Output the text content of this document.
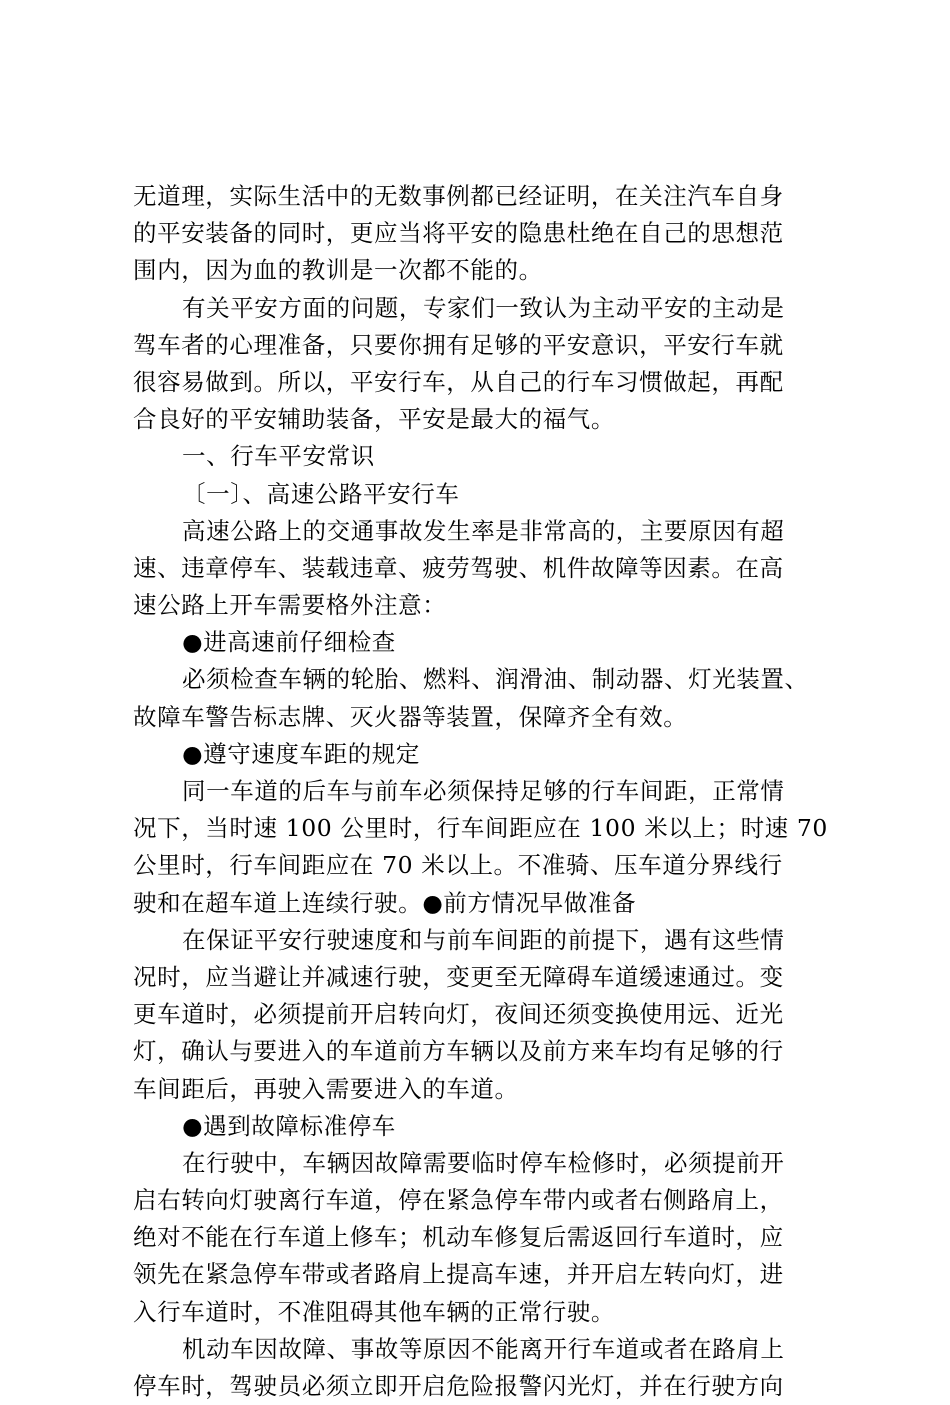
无道理，实际生活中的无数事例都已经证明，在关注汽车自身
的平安装备的同时，更应当将平安的隐患杜绝在自己的思想范
围内，因为血的教训是一次都不能的。
有关平安方面的问题，专家们一致认为主动平安的主动是
驾车者的心理准备，只要你拥有足够的平安意识，平安行车就
很容易做到。所以，平安行车，从自己的行车习惯做起，再配
合良好的平安辅助装备，平安是最大的福气。
一、行车平安常识
〔一〕、高速公路平安行车
高速公路上的交通事故发生率是非常高的，主要原因有超
速、违章停车、装载违章、疲劳驾驶、机件故障等因素。在高
速公路上开车需要格外注意：
●进高速前仔细检查
必须检查车辆的轮胎、燃料、润滑油、制动器、灯光装置、
故障车警告标志牌、灭火器等装置，保障齐全有效。
●遵守速度车距的规定
同一车道的后车与前车必须保持足够的行车间距，正常情
况下，当时速 100 公里时，行车间距应在 100 米以上；时速 70
公里时，行车间距应在 70 米以上。不准骑、压车道分界线行
驶和在超车道上连续行驶。●前方情况早做准备
在保证平安行驶速度和与前车间距的前提下，遇有这些情
况时，应当避让并减速行驶，变更至无障碍车道缓速通过。变
更车道时，必须提前开启转向灯，夜间还须变换使用远、近光
灯，确认与要进入的车道前方车辆以及前方来车均有足够的行
车间距后，再驶入需要进入的车道。
●遇到故障标准停车
在行驶中，车辆因故障需要临时停车检修时，必须提前开
启右转向灯驶离行车道，停在紧急停车带内或者右侧路肩上，
绝对不能在行车道上修车；机动车修复后需返回行车道时，应
领先在紧急停车带或者路肩上提高车速，并开启左转向灯，进
入行车道时，不准阻碍其他车辆的正常行驶。
机动车因故障、事故等原因不能离开行车道或者在路肩上
停车时，驾驶员必须立即开启危险报警闪光灯，并在行驶方向
